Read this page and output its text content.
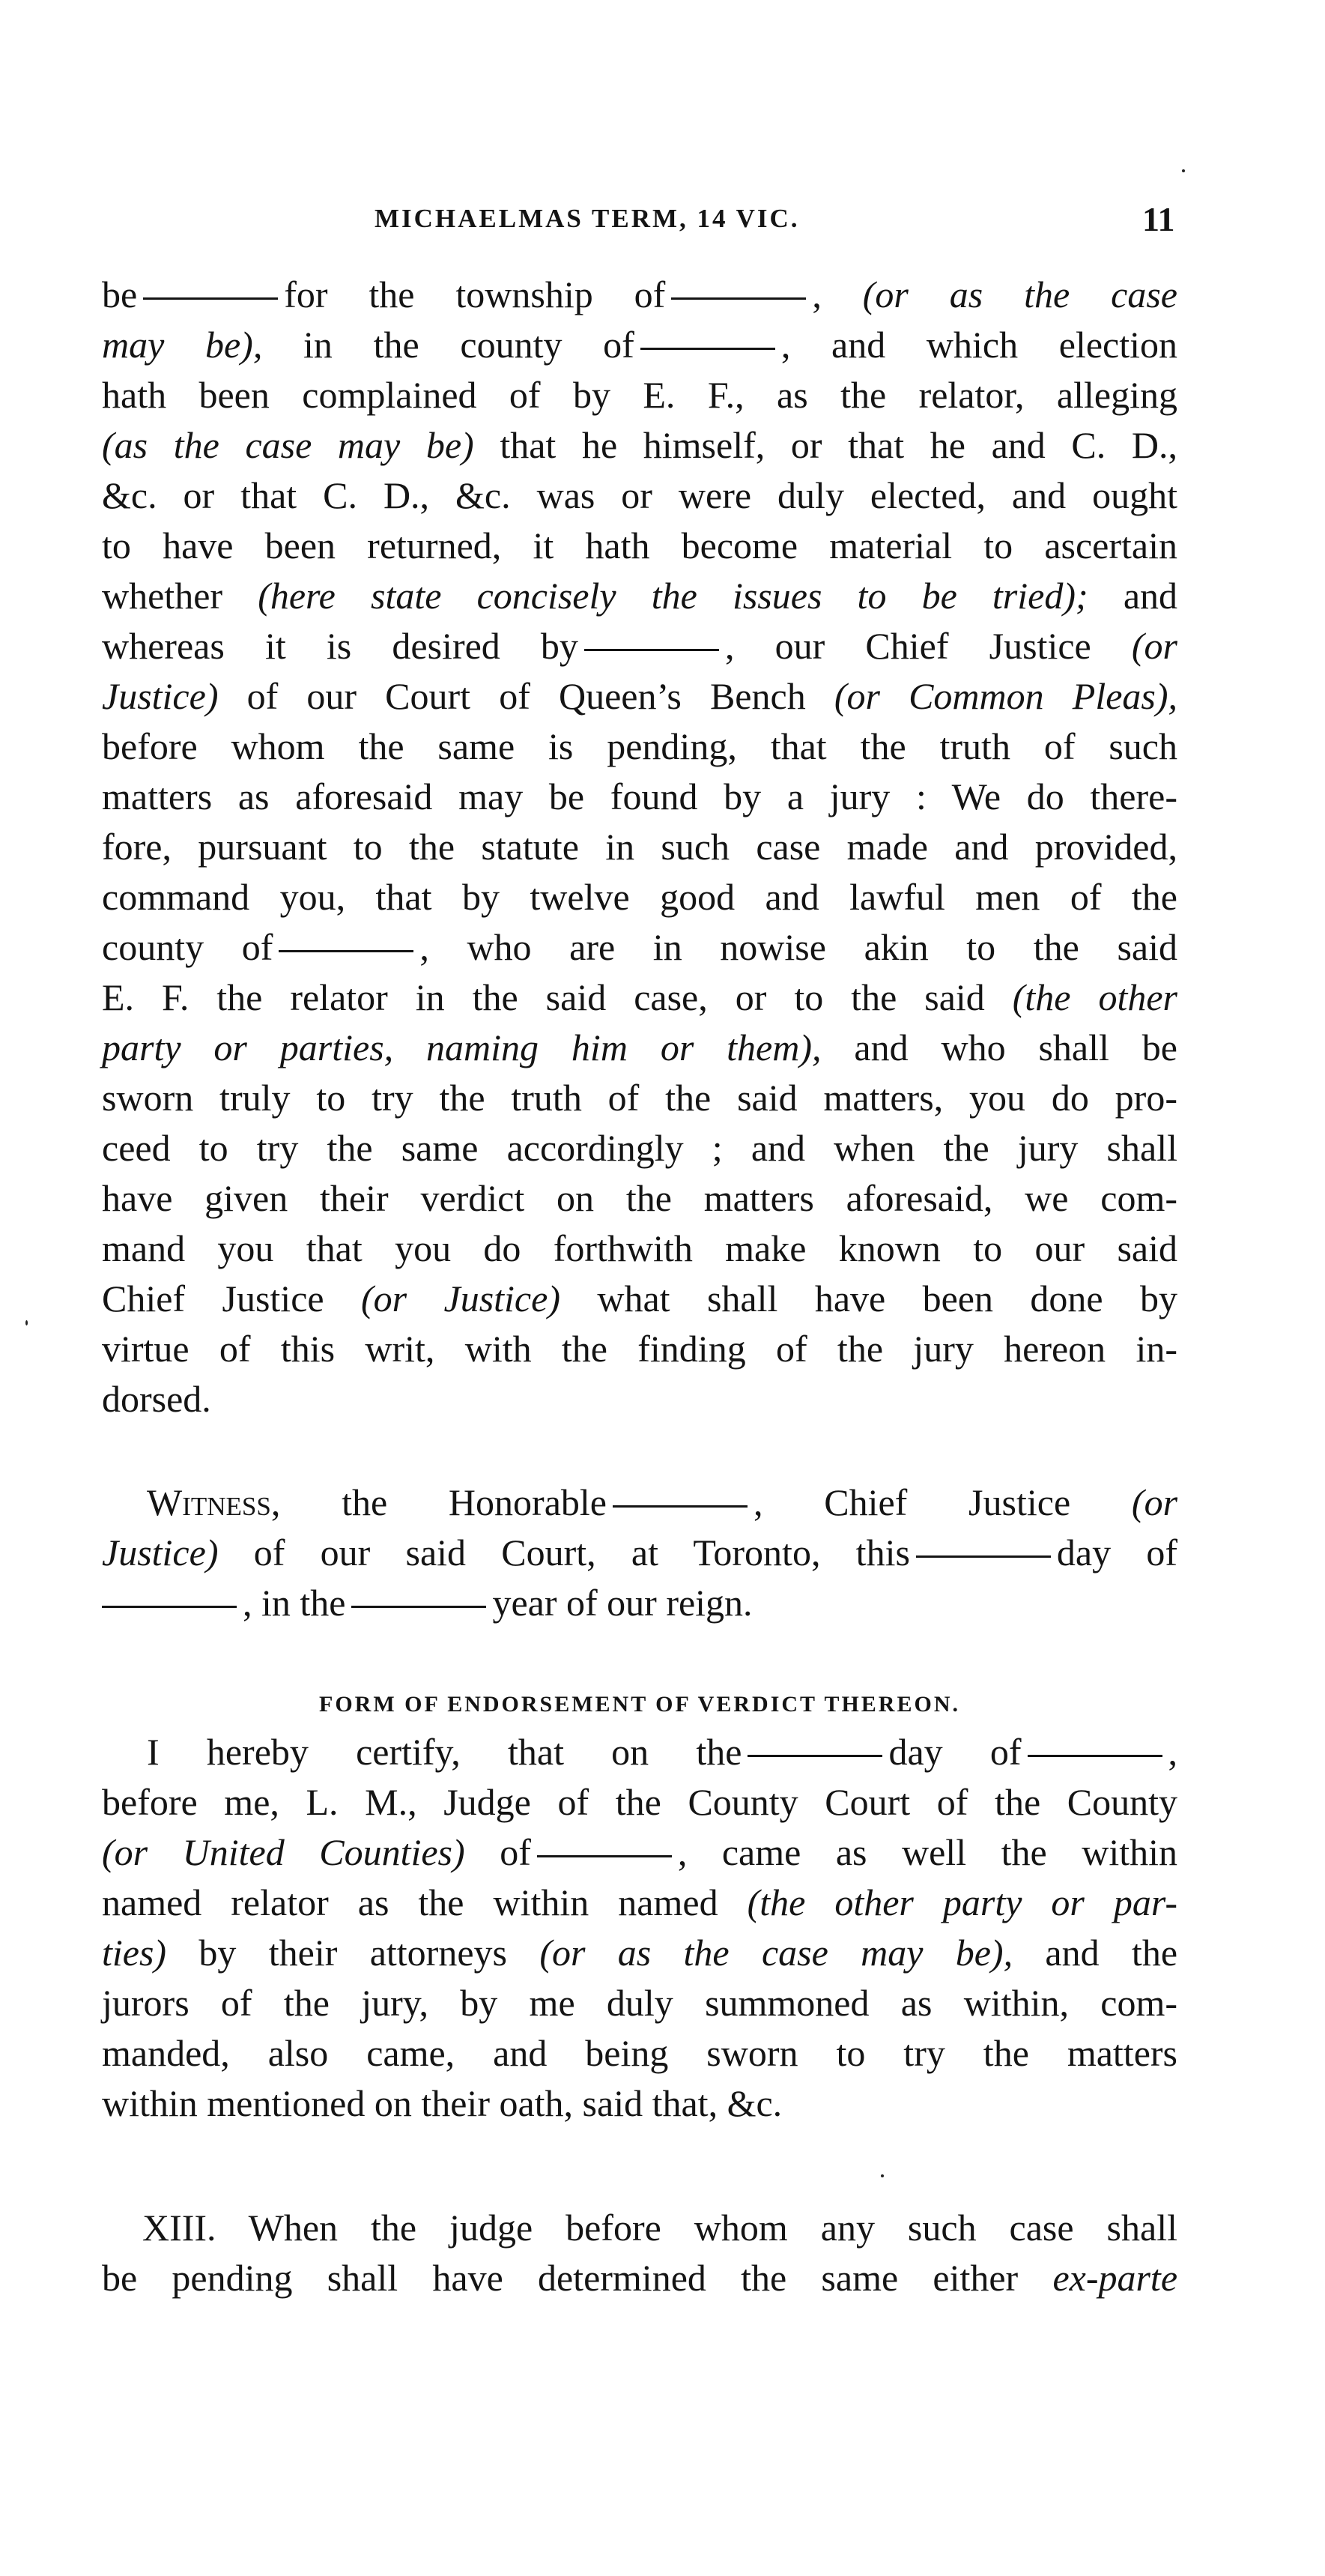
MICHAELMAS TERM, 14 VIC.	11
be	for the township of	, (or as the case
may be), in the county of	, and which election
hath been complained of by E. F., as the relator, alleging
(as the case may be) that he himself, or that he and C. D.,
&c. or that C. D., &c. was or were duly elected, and ought
to have been returned, it hath become material to ascertain
whether (here state concisely the issues to be tried); and
whereas it is desired by	, our Chief Justice (or
Justice) of our Court of Queen’s Bench (or Common Pleas),
before whom the same is pending, that the truth of such
matters as aforesaid may be found by a jury : We do there-
fore, pursuant to the statute in such case made and provided,
command you, that by twelve good and lawful men of the
county of	, who are in nowise akin to the said
E. F. the relator in the said case, or to the said (the other
party or parties, naming him or them), and who shall be
sworn truly to try the truth of the said matters, you do pro-
ceed to try the same accordingly ; and when the jury shall
have given their verdict on the matters aforesaid, we com-
mand you that you do forthwith make known to our said
Chief Justice (or Justice) what shall have been done by
virtue of this writ, with the finding of the jury hereon in-
dorsed.
Witness, the Honorable	, Chief Justice (or
Justice) of our said Court, at Toronto, this	day of
, in the	year of our reign.
FORM OF ENDORSEMENT OF VERDICT THEREON.
I hereby certify, that on the	day of	,
before me, L. M., Judge of the County Court of the County
(or United Counties) of	, came as well the within
named relator as the within named (the other party or par-
ties) by their attorneys (or as the case may be), and the
jurors of the jury, by me duly summoned as within, com-
manded, also came, and being sworn to try the matters
within mentioned on their oath, said that, &c.
XIII. When the judge before whom any such case shall
be pending shall have determined the same either ex-parte
